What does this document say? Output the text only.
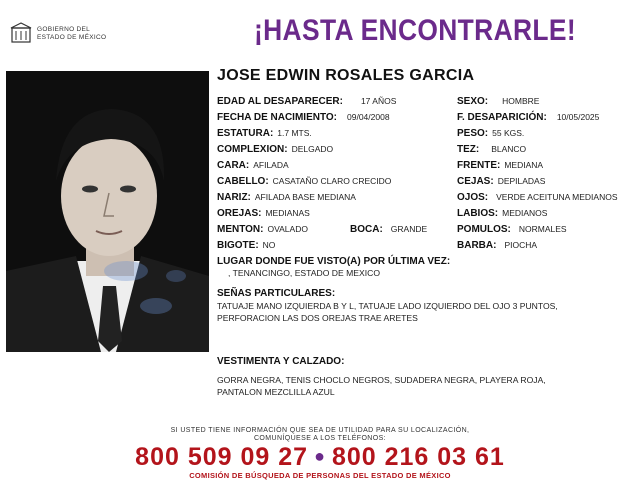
GOBIERNO DEL
ESTADO DE MÉXICO	¡HASTA ENCONTRARLE!
JOSE EDWIN ROSALES GARCIA
EDAD AL DESAPARECER: 17 AÑOS
FECHA DE NACIMIENTO: 09/04/2008
ESTATURA: 1.7 MTS.
COMPLEXION: DELGADO
CARA: AFILADA
CABELLO: CASATAÑO CLARO CRECIDO
NARIZ: AFILADA BASE MEDIANA
OREJAS: MEDIANAS
MENTON: OVALADO	BOCA: GRANDE
BIGOTE: NO
SEXO: HOMBRE
F. DESAPARICIÓN: 10/05/2025
PESO: 55 KGS.
TEZ: BLANCO
FRENTE: MEDIANA
CEJAS: DEPILADAS
OJOS: VERDE ACEITUNA MEDIANOS
LABIOS: MEDIANOS
POMULOS: NORMALES
BARBA: PIOCHA
LUGAR DONDE FUE VISTO(A) POR ÚLTIMA VEZ:
, TENANCINGO, ESTADO DE MEXICO
SEÑAS PARTICULARES:
TATUAJE MANO IZQUIERDA B Y L, TATUAJE LADO IZQUIERDO DEL OJO 3 PUNTOS,
PERFORACION LAS DOS OREJAS TRAE ARETES
VESTIMENTA Y CALZADO:
GORRA NEGRA, TENIS CHOCLO NEGROS, SUDADERA NEGRA, PLAYERA ROJA,
PANTALON MEZCLILLA AZUL
SI USTED TIENE INFORMACIÓN QUE SEA DE UTILIDAD PARA SU LOCALIZACIÓN,
COMUNÍQUESE A LOS TELÉFONOS:
800 509 09 27 ● 800 216 03 61
COMISIÓN DE BÚSQUEDA DE PERSONAS DEL ESTADO DE MÉXICO
